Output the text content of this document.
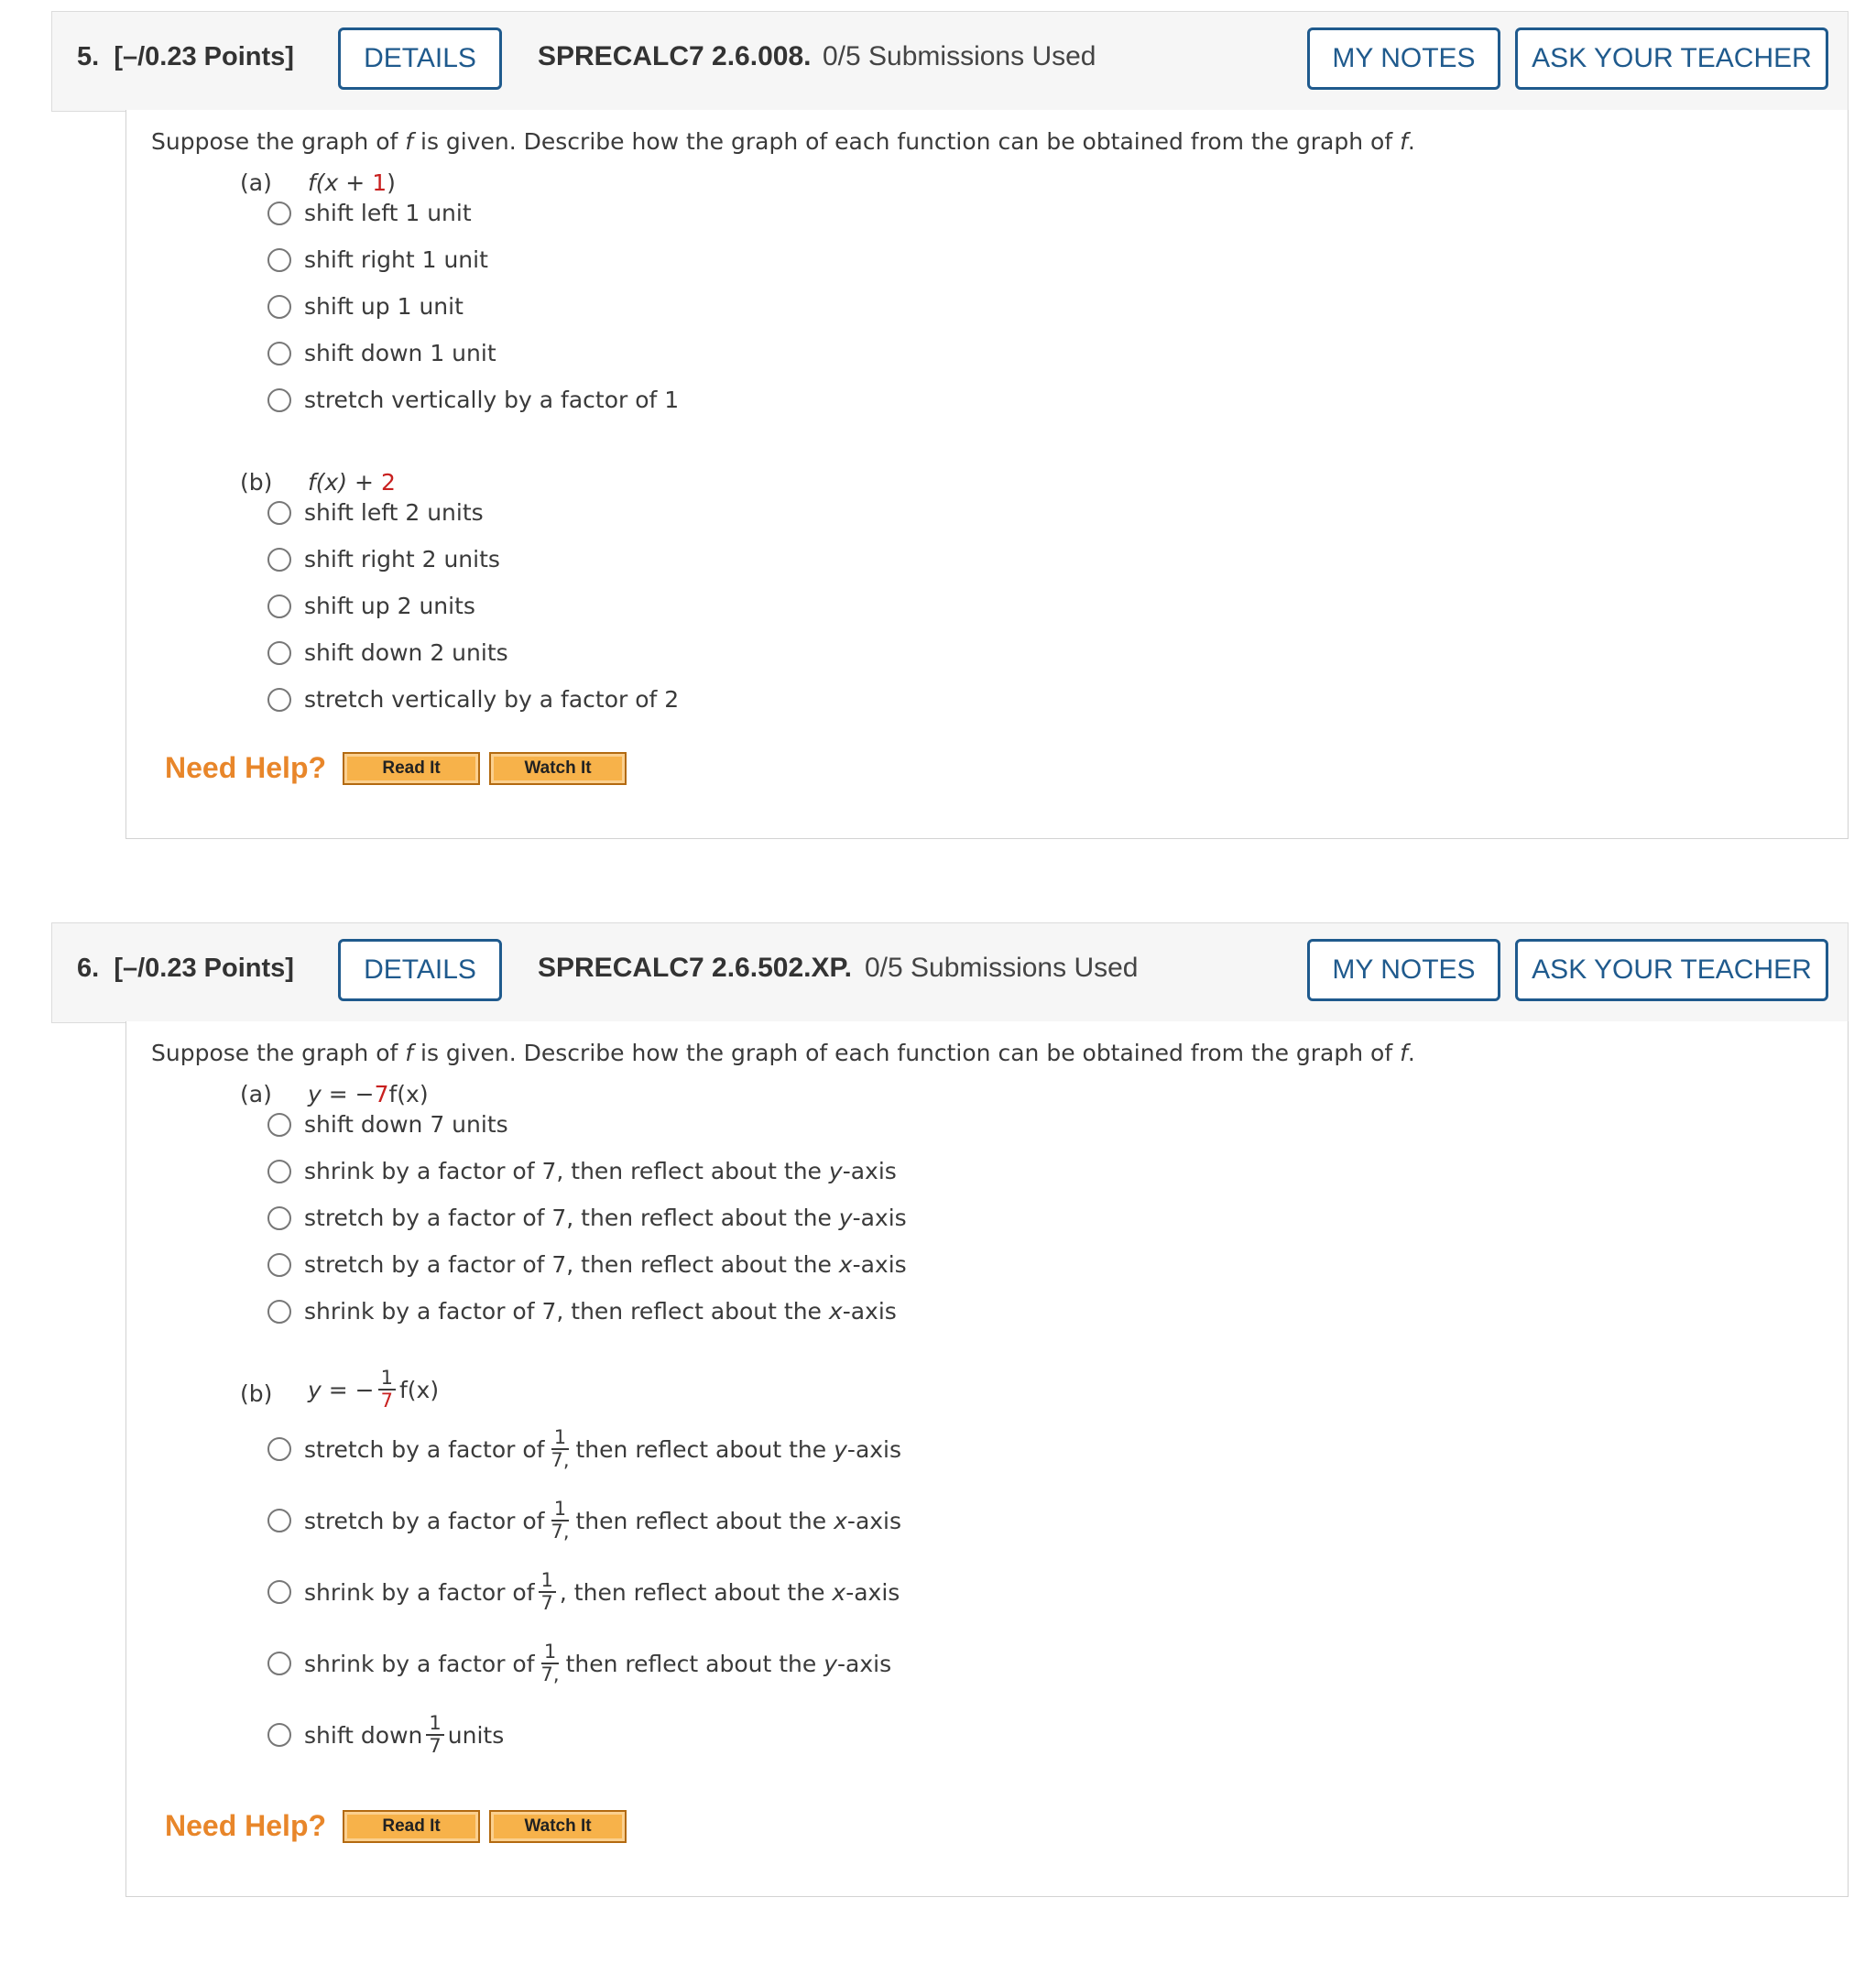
5. [–/0.23 Points]	DETAILS	SPRECALC7 2.6.008. 0/5 Submissions Used	MY NOTES	ASK YOUR TEACHER
Suppose the graph of f is given. Describe how the graph of each function can be obtained from the graph of f.
(a) f(x + 1)
shift left 1 unit
shift right 1 unit
shift up 1 unit
shift down 1 unit
stretch vertically by a factor of 1
(b) f(x) + 2
shift left 2 units
shift right 2 units
shift up 2 units
shift down 2 units
stretch vertically by a factor of 2
Need Help?	Read It	Watch It
6. [–/0.23 Points]	DETAILS	SPRECALC7 2.6.502.XP. 0/5 Submissions Used	MY NOTES	ASK YOUR TEACHER
Suppose the graph of f is given. Describe how the graph of each function can be obtained from the graph of f.
(a) y = −7f(x)
shift down 7 units
shrink by a factor of 7, then reflect about the
y -axis
stretch by a factor of 7, then reflect about the
y -axis
stretch by a factor of 7, then reflect about the
x -axis
shrink by a factor of 7, then reflect about the
x -axis
(b) y = − $\frac{1}{7} f(x)$
stretch by a factor of $\frac{1}{7,}$ then reflect about the
y -axis
stretch by a factor of $\frac{1}{7,}$ then reflect about the
x -axis
shrink by a factor of $\frac{1}{7}$ , then reflect about the
x -axis
shrink by a factor of $\frac{1}{7,}$ then reflect about the
y -axis
shift down $\frac{1}{7}$ units
Need Help?	Read It	Watch It
